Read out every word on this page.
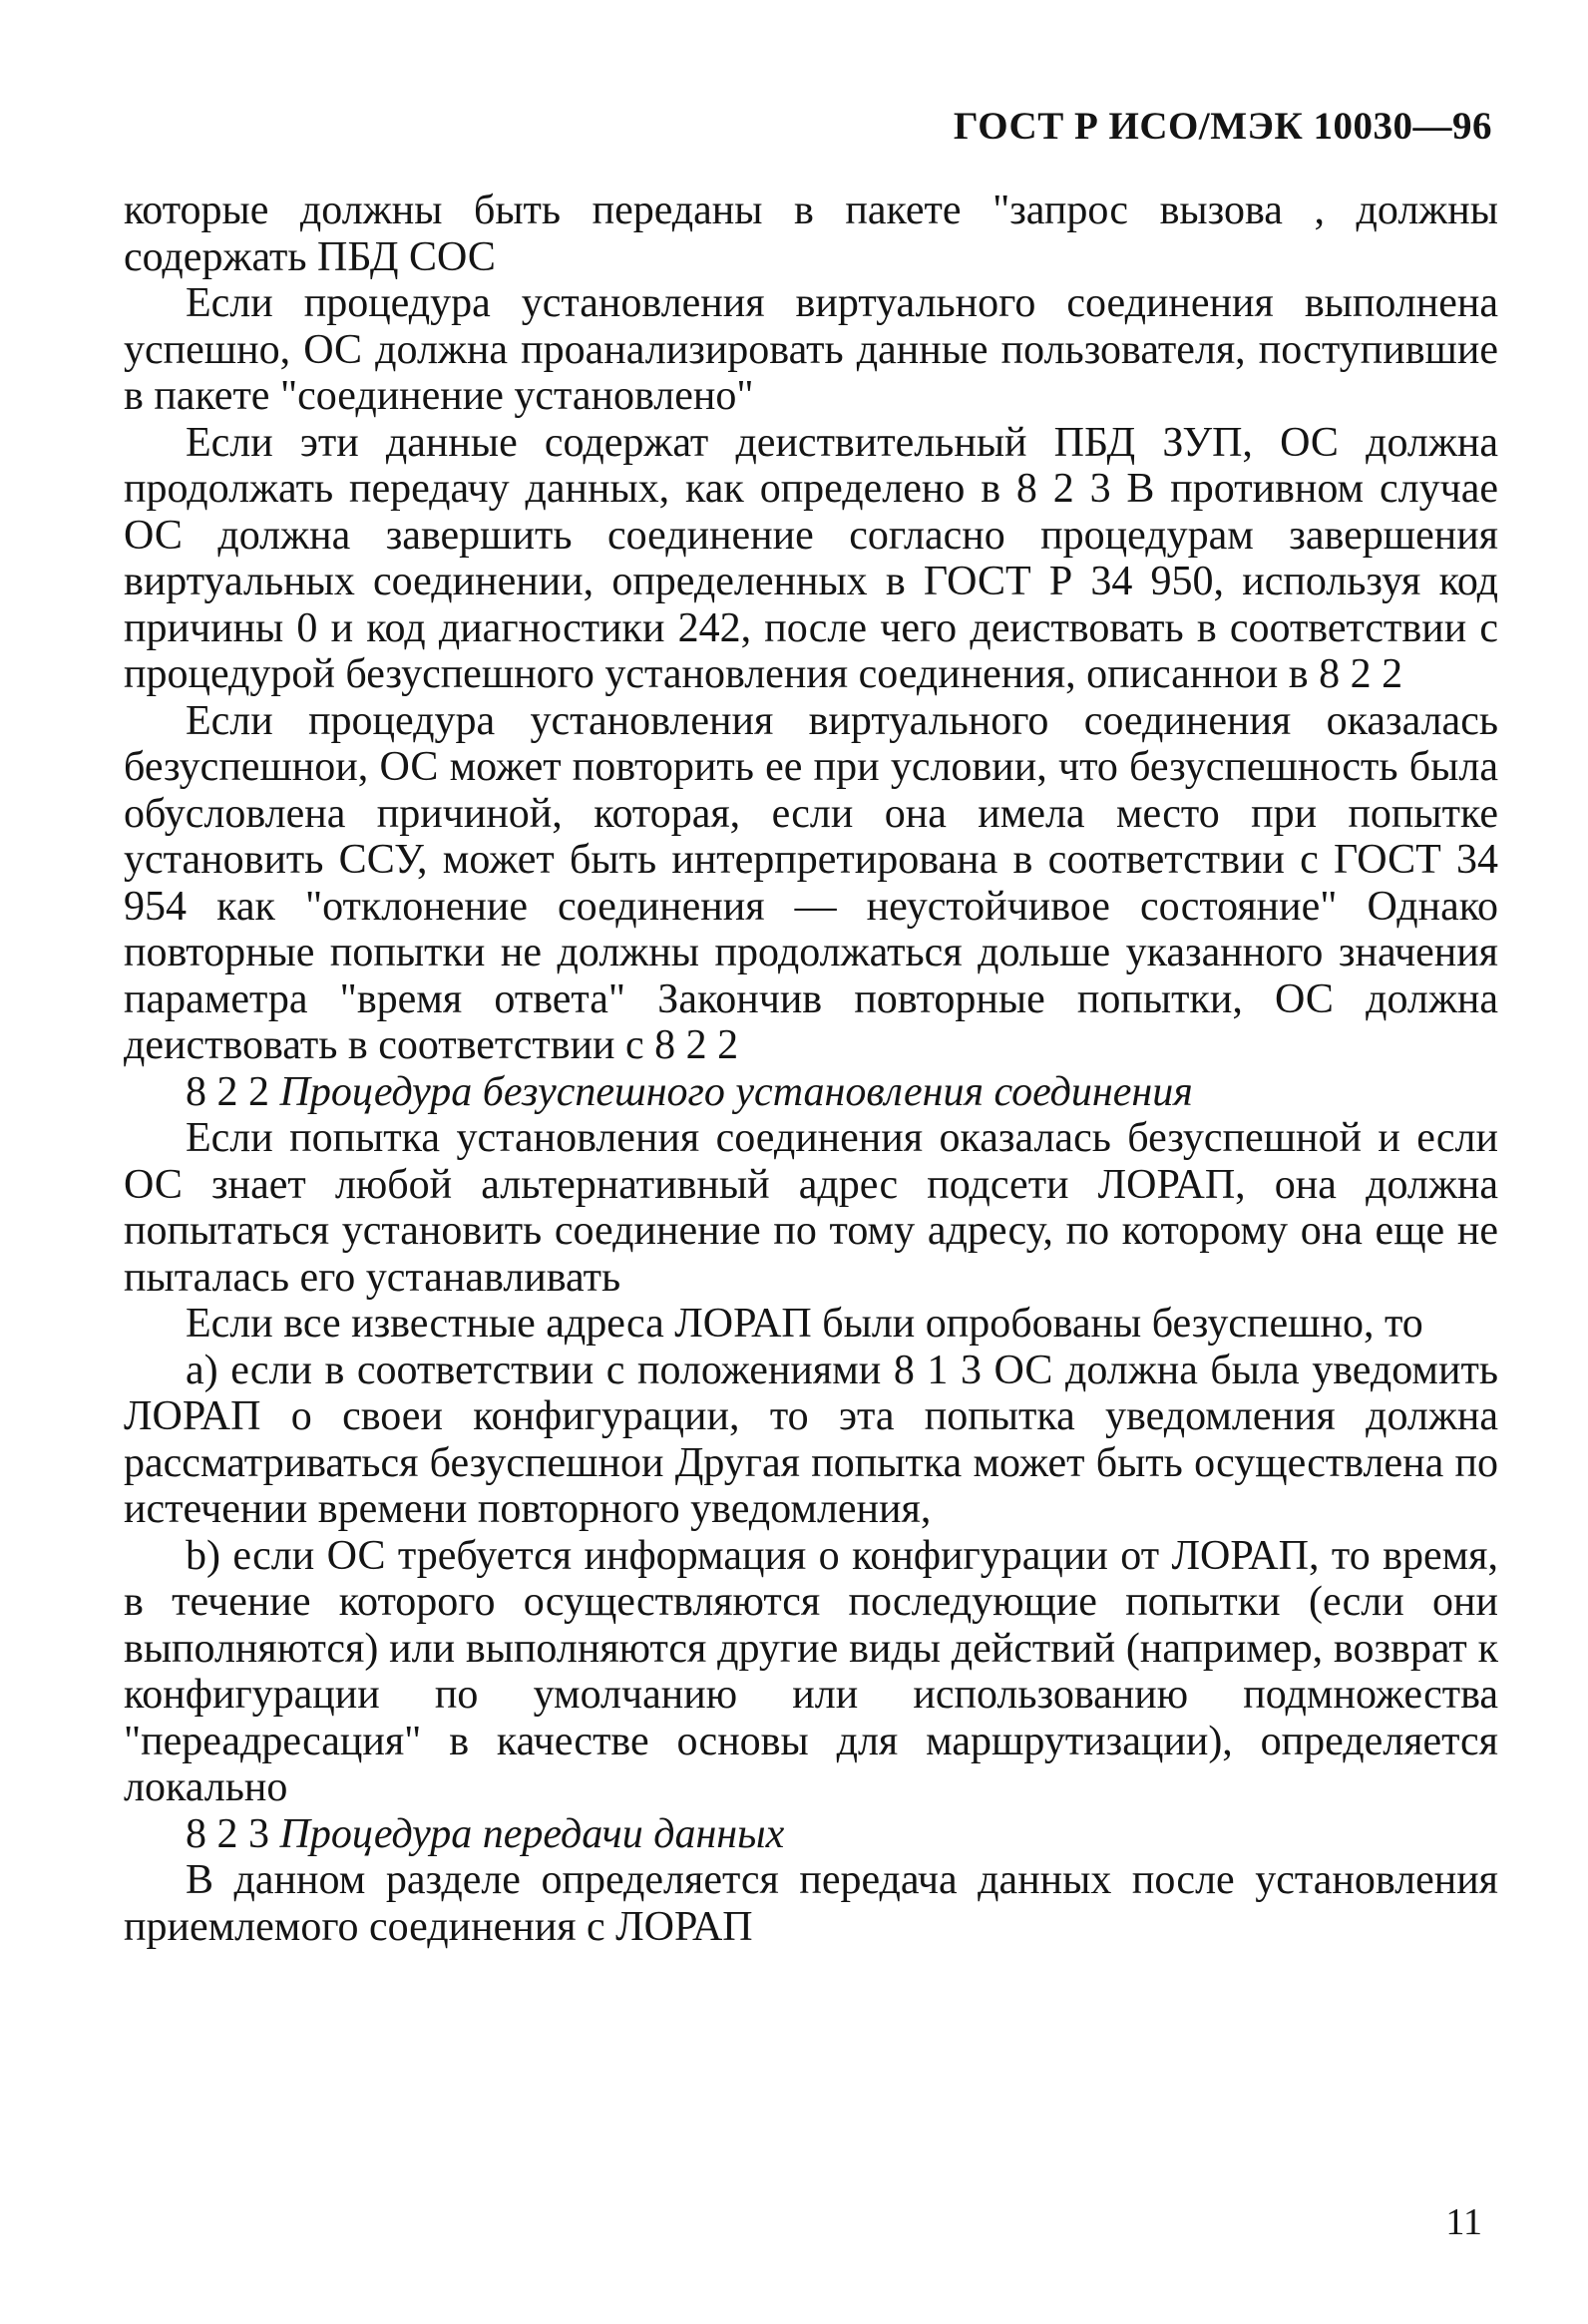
ГОСТ Р ИСО/МЭК 10030—96

которые должны быть переданы в пакете "запрос вызова , должны содержать ПБД СОС

Если процедура установления виртуального соединения выполнена успешно, ОС должна проанализировать данные пользователя, поступившие в пакете "соединение установлено"

Если эти данные содержат деиствительный ПБД ЗУП, ОС должна продолжать передачу данных, как определено в 8 2 3 В противном случае ОС должна завершить соединение согласно процедурам завершения виртуальных соединении, определенных в ГОСТ Р 34 950, используя код причины 0 и код диагностики 242, после чего деиствовать в соответствии с процедурой безуспешного установления соединения, описаннои в 8 2 2

Если процедура установления виртуального соединения оказалась безуспешнои, ОС может повторить ее при условии, что безуспешность была обусловлена причиной, которая, если она имела место при попытке установить ССУ, может быть интерпретирована в соответствии с ГОСТ 34 954 как "отклонение соединения — неустойчивое состояние" Однако повторные попытки не должны продолжаться дольше указанного значения параметра "время ответа" Закончив повторные попытки, ОС должна деиствовать в соответствии с 8 2 2

8 2 2 Процедура безуспешного установления соединения

Если попытка установления соединения оказалась безуспешной и если ОС знает любой альтернативный адрес подсети ЛОРАП, она должна попытаться установить соединение по тому адресу, по которому она еще не пыталась его устанавливать

Если все известные адреса ЛОРАП были опробованы безуспешно, то

а) если в соответствии с положениями 8 1 3 ОС должна была уведомить ЛОРАП о своеи конфигурации, то эта попытка уведомления должна рассматриваться безуспешнои Другая попытка может быть осуществлена по истечении времени повторного уведомления,

b) если ОС требуется информация о конфигурации от ЛОРАП, то время, в течение которого осуществляются последующие попытки (если они выполняются) или выполняются другие виды действий (например, возврат к конфигурации по умолчанию или использованию подмножества "переадресация" в качестве основы для маршрутизации), определяется локально

8 2 3 Процедура передачи данных

В данном разделе определяется передача данных после установления приемлемого соединения с ЛОРАП

11
